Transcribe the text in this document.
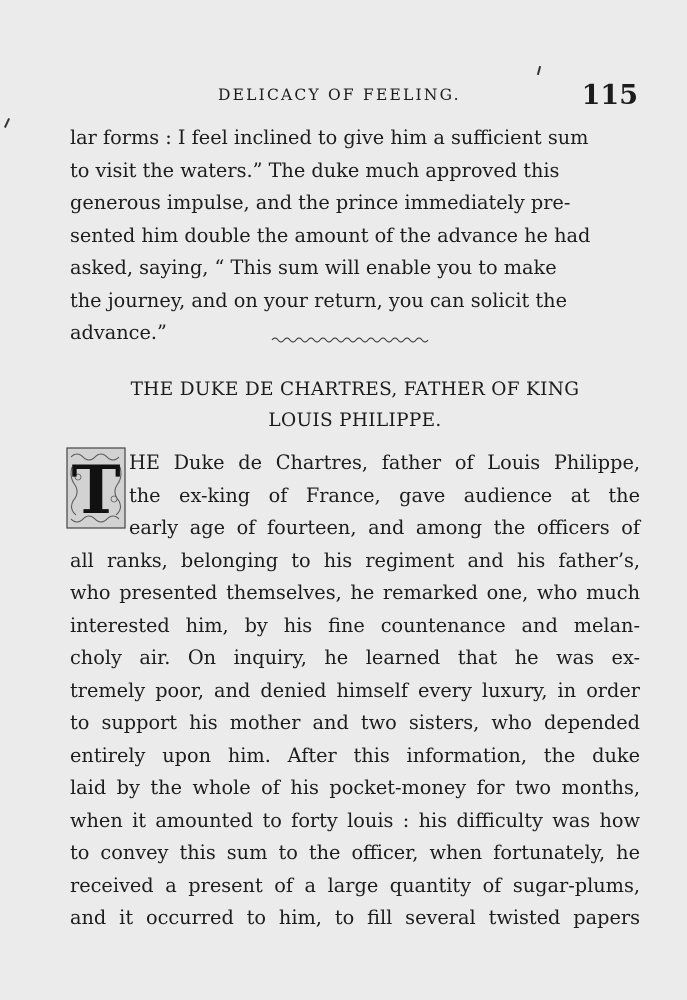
DELICACY OF FEELING.	115
lar forms : I feel inclined to give him a sufficient sum
to visit the waters.” The duke much approved this
generous impulse, and the prince immediately pre-
sented him double the amount of the advance he had
asked, saying, “ This sum will enable you to make
the journey, and on your return, you can solicit the
advance.”
THE DUKE DE CHARTRES, FATHER OF KING
LOUIS PHILIPPE.
T HE Duke de Chartres, father of Louis Philippe,
the ex-king of France, gave audience at the
early age of fourteen, and among the officers of
all ranks, belonging to his regiment and his father’s,
who presented themselves, he remarked one, who much
interested him, by his fine countenance and melan-
choly air. On inquiry, he learned that he was ex-
tremely poor, and denied himself every luxury, in order
to support his mother and two sisters, who depended
entirely upon him. After this information, the duke
laid by the whole of his pocket-money for two months,
when it amounted to forty louis : his difficulty was how
to convey this sum to the officer, when fortunately, he
received a present of a large quantity of sugar-plums,
and it occurred to him, to fill several twisted papers
